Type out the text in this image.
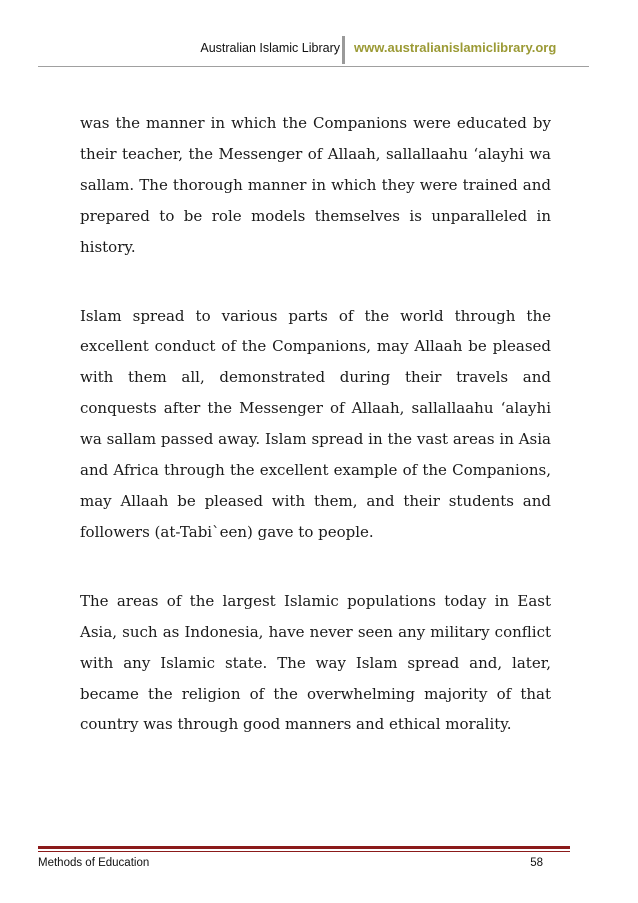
Australian Islamic Library www.australianislamiclibrary.org

was the manner in which the Companions were educated by their teacher, the Messenger of Allaah, sallallaahu ‘alayhi wa sallam. The thorough manner in which they were trained and prepared to be role models themselves is unparalleled in history.

Islam spread to various parts of the world through the excellent conduct of the Companions, may Allaah be pleased with them all, demonstrated during their travels and conquests after the Messenger of Allaah, sallallaahu ‘alayhi wa sallam passed away. Islam spread in the vast areas in Asia and Africa through the excellent example of the Companions, may Allaah be pleased with them, and their students and followers (at-Tabi`een) gave to people.

The areas of the largest Islamic populations today in East Asia, such as Indonesia, have never seen any military conflict with any Islamic state. The way Islam spread and, later, became the religion of the overwhelming majority of that country was through good manners and ethical morality.

Methods of Education	58
